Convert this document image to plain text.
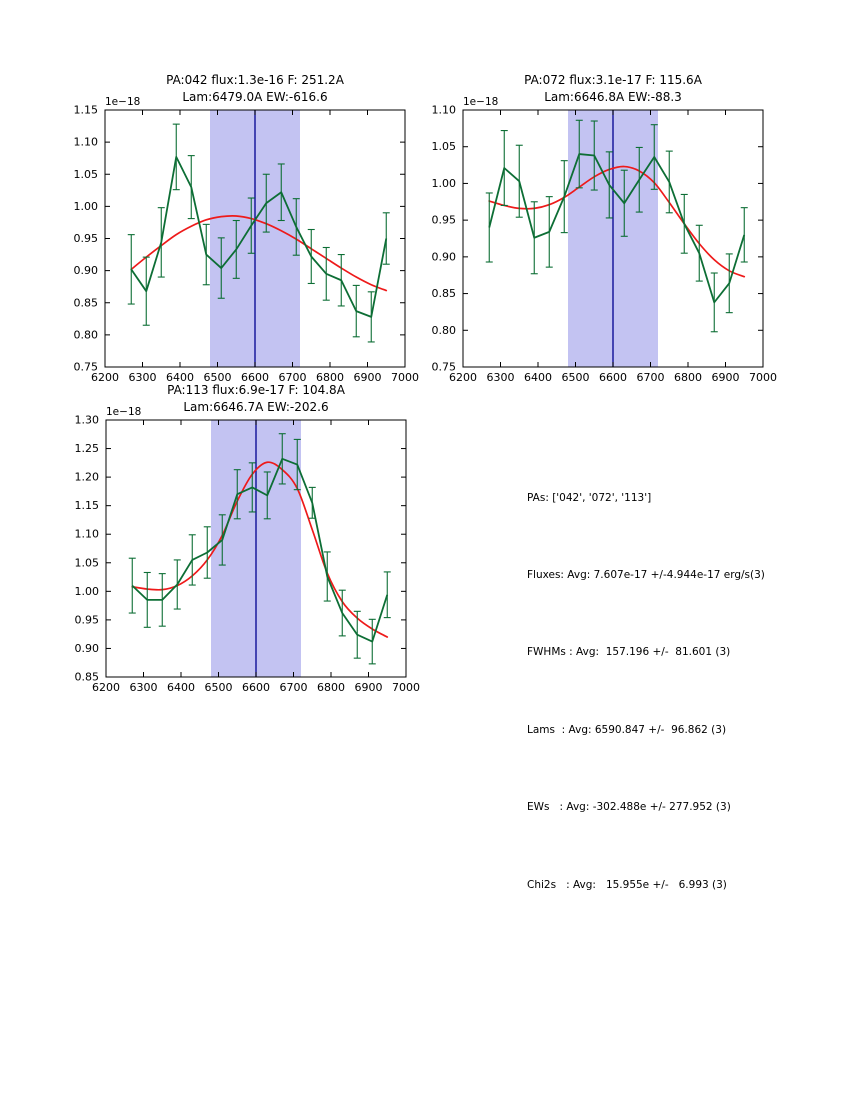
PA:042 flux:1.3e-16 F: 251.2A
Lam:6479.0A EW:-616.6
6200 6300 6400 6500 6600 6700 6800 6900 7000
0.75
0.80
0.85
0.90
0.95
1.00
1.05
1.10
1.15
1e−18
PA:072 flux:3.1e-17 F: 115.6A
Lam:6646.8A EW:-88.3
6200 6300 6400 6500 6600 6700 6800 6900 7000
0.75
0.80
0.85
0.90
0.95
1.00
1.05
1.10
1e−18
PA:113 flux:6.9e-17 F: 104.8A
Lam:6646.7A EW:-202.6
6200 6300 6400 6500 6600 6700 6800 6900 7000
0.85
0.90
0.95
1.00
1.05
1.10
1.15
1.20
1.25
1.30
1e−18

PAs: ['042', '072', '113']

Fluxes: Avg: 7.607e-17 +/-4.944e-17 erg/s(3)

FWHMs : Avg:  157.196 +/-  81.601 (3)

Lams  : Avg: 6590.847 +/-  96.862 (3)

EWs   : Avg: -302.488e +/- 277.952 (3)

Chi2s   : Avg:   15.955e +/-   6.993 (3)
